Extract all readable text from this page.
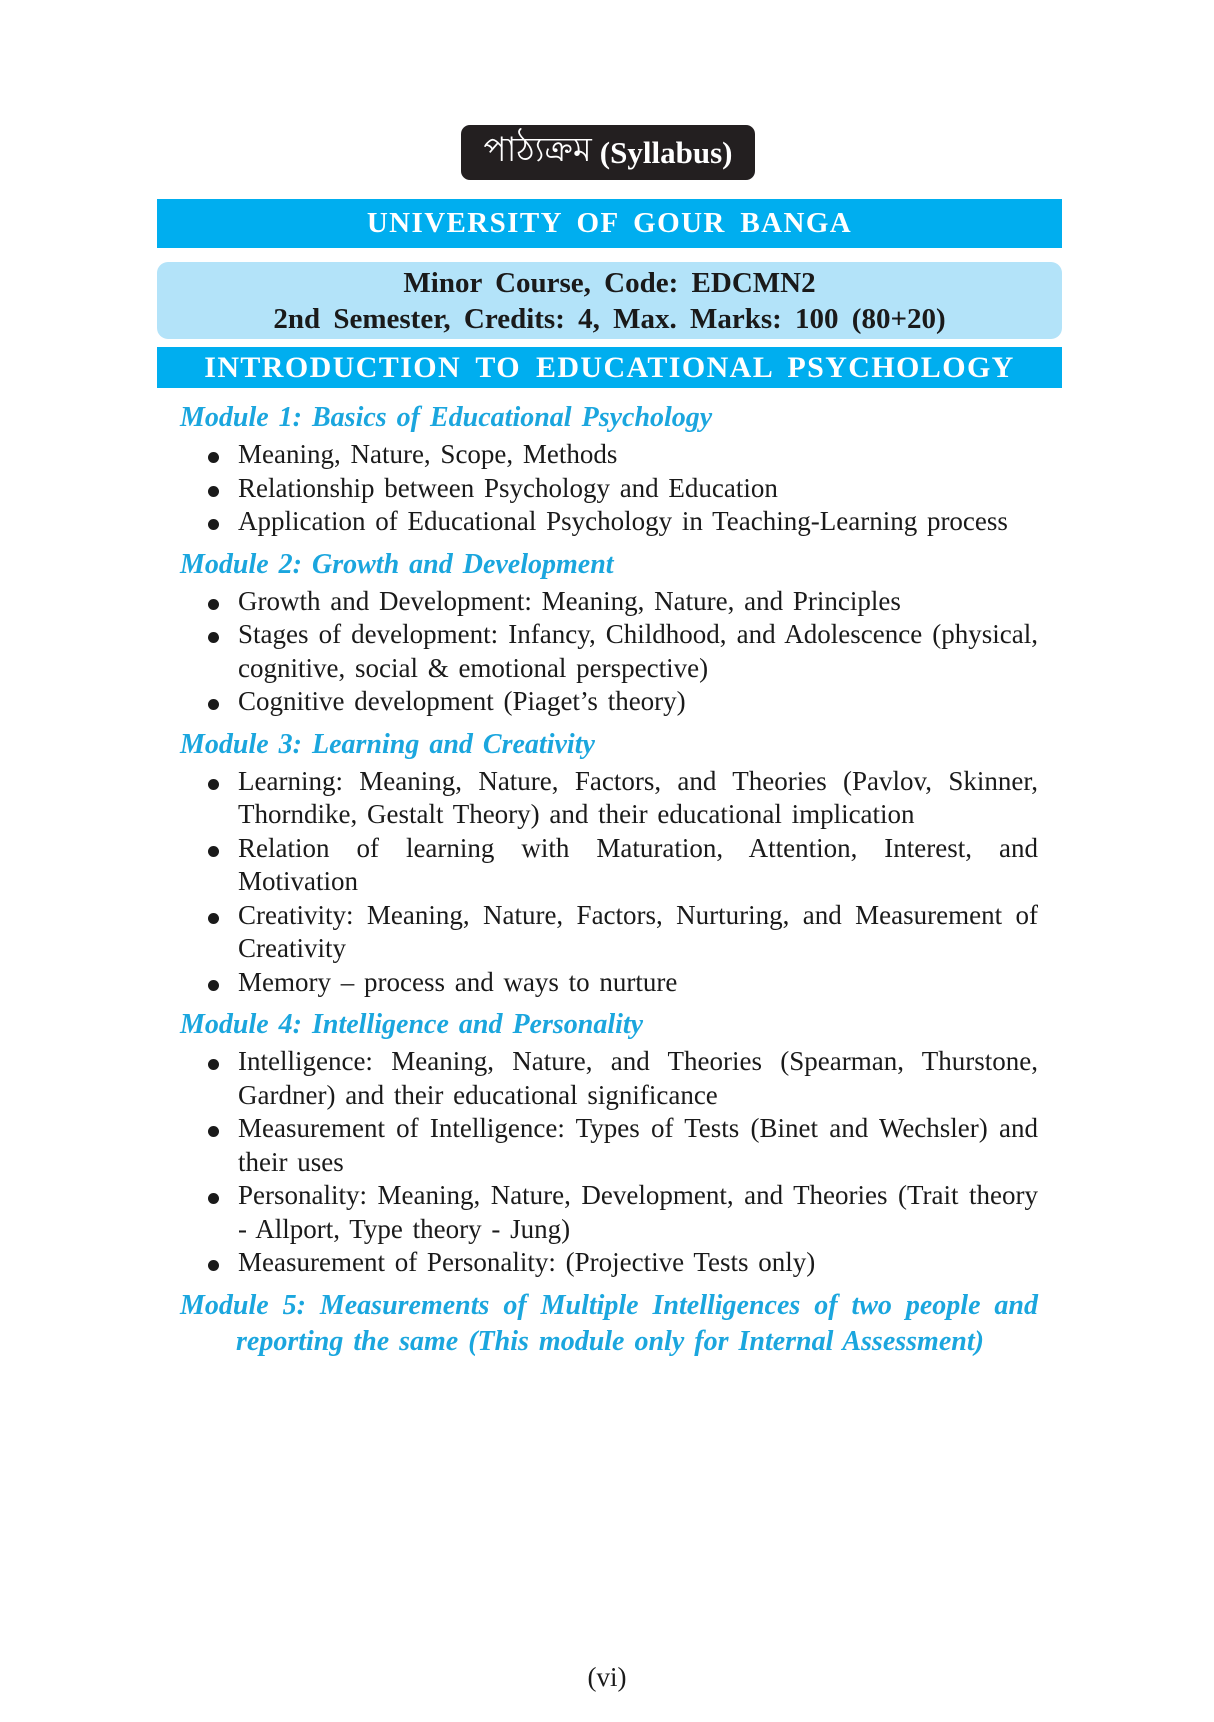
পাঠ্যক্রম (Syllabus)
UNIVERSITY OF GOUR BANGA
Minor Course, Code: EDCMN2
2nd Semester, Credits: 4, Max. Marks: 100 (80+20)
INTRODUCTION TO EDUCATIONAL PSYCHOLOGY
Module 1: Basics of Educational Psychology
Meaning, Nature, Scope, Methods
Relationship between Psychology and Education
Application of Educational Psychology in Teaching-Learning process
Module 2: Growth and Development
Growth and Development: Meaning, Nature, and Principles
Stages of development: Infancy, Childhood, and Adolescence (physical, cognitive, social & emotional perspective)
Cognitive development (Piaget’s theory)
Module 3: Learning and Creativity
Learning: Meaning, Nature, Factors, and Theories (Pavlov, Skinner, Thorndike, Gestalt Theory) and their educational implication
Relation of learning with Maturation, Attention, Interest, and Motivation
Creativity: Meaning, Nature, Factors, Nurturing, and Measurement of Creativity
Memory – process and ways to nurture
Module 4: Intelligence and Personality
Intelligence: Meaning, Nature, and Theories (Spearman, Thurstone, Gardner) and their educational significance
Measurement of Intelligence: Types of Tests (Binet and Wechsler) and their uses
Personality: Meaning, Nature, Development, and Theories (Trait theory - Allport, Type theory - Jung)
Measurement of Personality: (Projective Tests only)
Module 5: Measurements of Multiple Intelligences of two people and reporting the same (This module only for Internal Assessment)
(vi)
